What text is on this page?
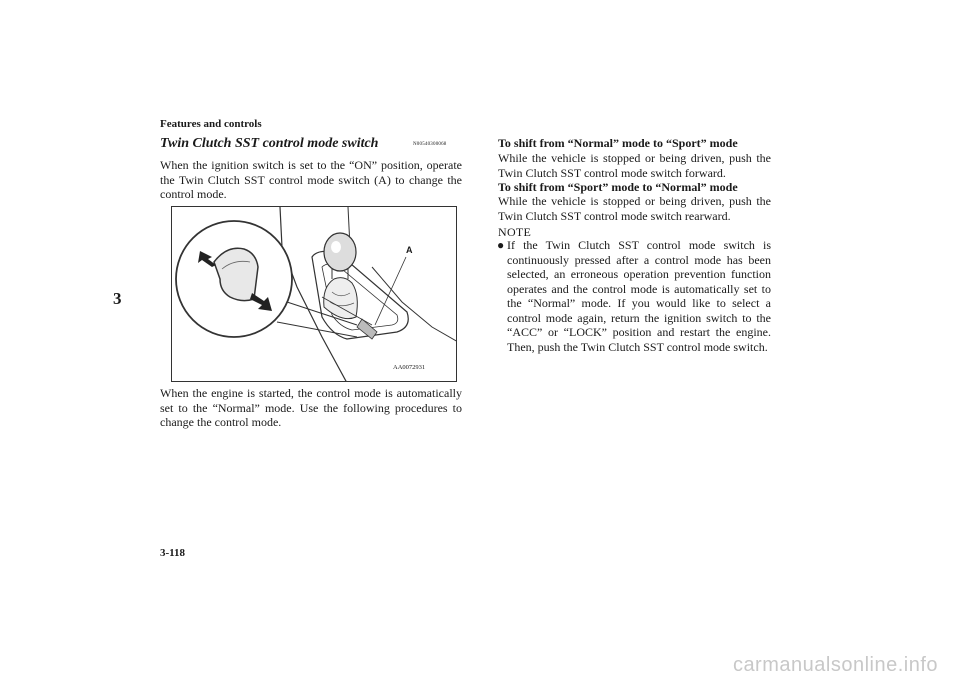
Features and controls
3
Twin Clutch SST control mode switch	N00540300068
When the ignition switch is set to the “ON” position, operate the Twin Clutch SST control mode switch (A) to change the control mode.
A
AA0072931
When the engine is started, the control mode is automatically set to the “Normal” mode. Use the following procedures to change the control mode.
To shift from “Normal” mode to “Sport” mode
While the vehicle is stopped or being driven, push the Twin Clutch SST control mode switch forward.
To shift from “Sport” mode to “Normal” mode
While the vehicle is stopped or being driven, push the Twin Clutch SST control mode switch rearward.
NOTE
● If the Twin Clutch SST control mode switch is continuously pressed after a control mode has been selected, an erroneous operation prevention function operates and the control mode is automatically set to the “Normal” mode. If you would like to select a control mode again, return the ignition switch to the “ACC” or “LOCK” position and restart the engine. Then, push the Twin Clutch SST control mode switch.
3-118
carmanualsonline.info
